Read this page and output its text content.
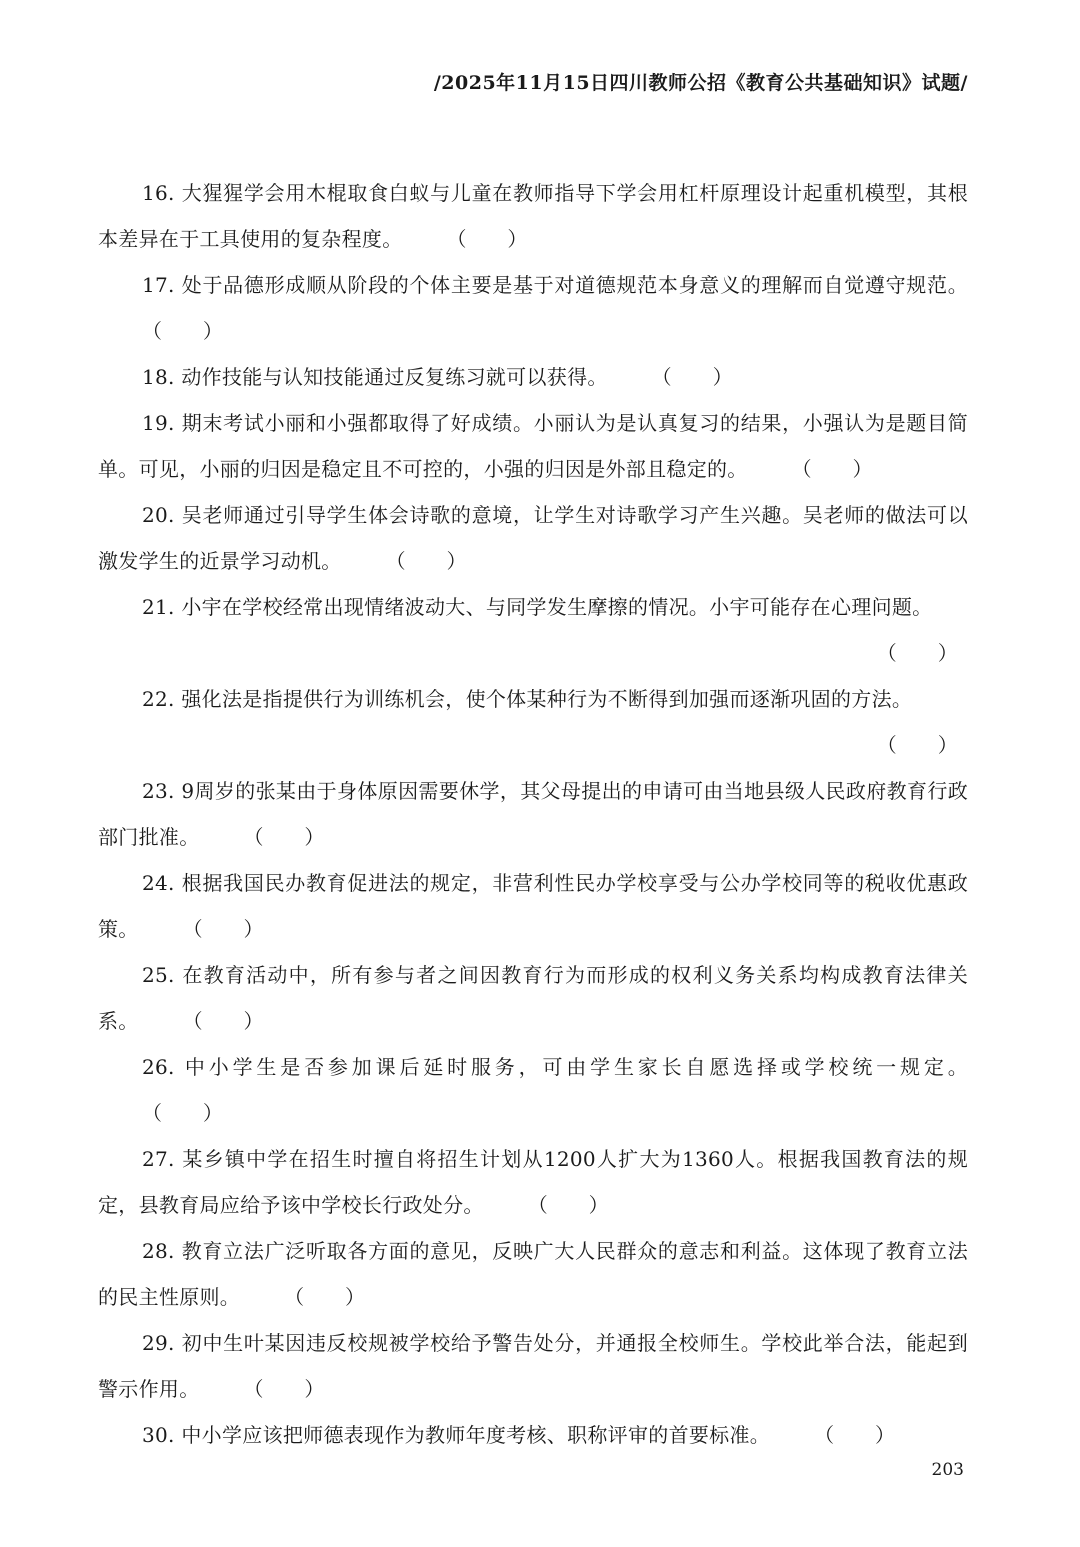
/2025年11月15日四川教师公招《教育公共基础知识》试题/

16. 大猩猩学会用木棍取食白蚁与儿童在教师指导下学会用杠杆原理设计起重机模型，其根本差异在于工具使用的复杂程度。 （　　）

17. 处于品德形成顺从阶段的个体主要是基于对道德规范本身意义的理解而自觉遵守规范。（　　）

18. 动作技能与认知技能通过反复练习就可以获得。 （　　）

19. 期末考试小丽和小强都取得了好成绩。小丽认为是认真复习的结果，小强认为是题目简单。可见，小丽的归因是稳定且不可控的，小强的归因是外部且稳定的。 （　　）

20. 吴老师通过引导学生体会诗歌的意境，让学生对诗歌学习产生兴趣。吴老师的做法可以激发学生的近景学习动机。 （　　）

21. 小宇在学校经常出现情绪波动大、与同学发生摩擦的情况。小宇可能存在心理问题。
（　　）

22. 强化法是指提供行为训练机会，使个体某种行为不断得到加强而逐渐巩固的方法。
（　　）

23. 9周岁的张某由于身体原因需要休学，其父母提出的申请可由当地县级人民政府教育行政部门批准。 （　　）

24. 根据我国民办教育促进法的规定，非营利性民办学校享受与公办学校同等的税收优惠政策。 （　　）

25. 在教育活动中，所有参与者之间因教育行为而形成的权利义务关系均构成教育法律关系。 （　　）

26. 中小学生是否参加课后延时服务，可由学生家长自愿选择或学校统一规定。（　　）

27. 某乡镇中学在招生时擅自将招生计划从1200人扩大为1360人。根据我国教育法的规定，县教育局应给予该中学校长行政处分。 （　　）

28. 教育立法广泛听取各方面的意见，反映广大人民群众的意志和利益。这体现了教育立法的民主性原则。 （　　）

29. 初中生叶某因违反校规被学校给予警告处分，并通报全校师生。学校此举合法，能起到警示作用。 （　　）

30. 中小学应该把师德表现作为教师年度考核、职称评审的首要标准。 （　　）

203
